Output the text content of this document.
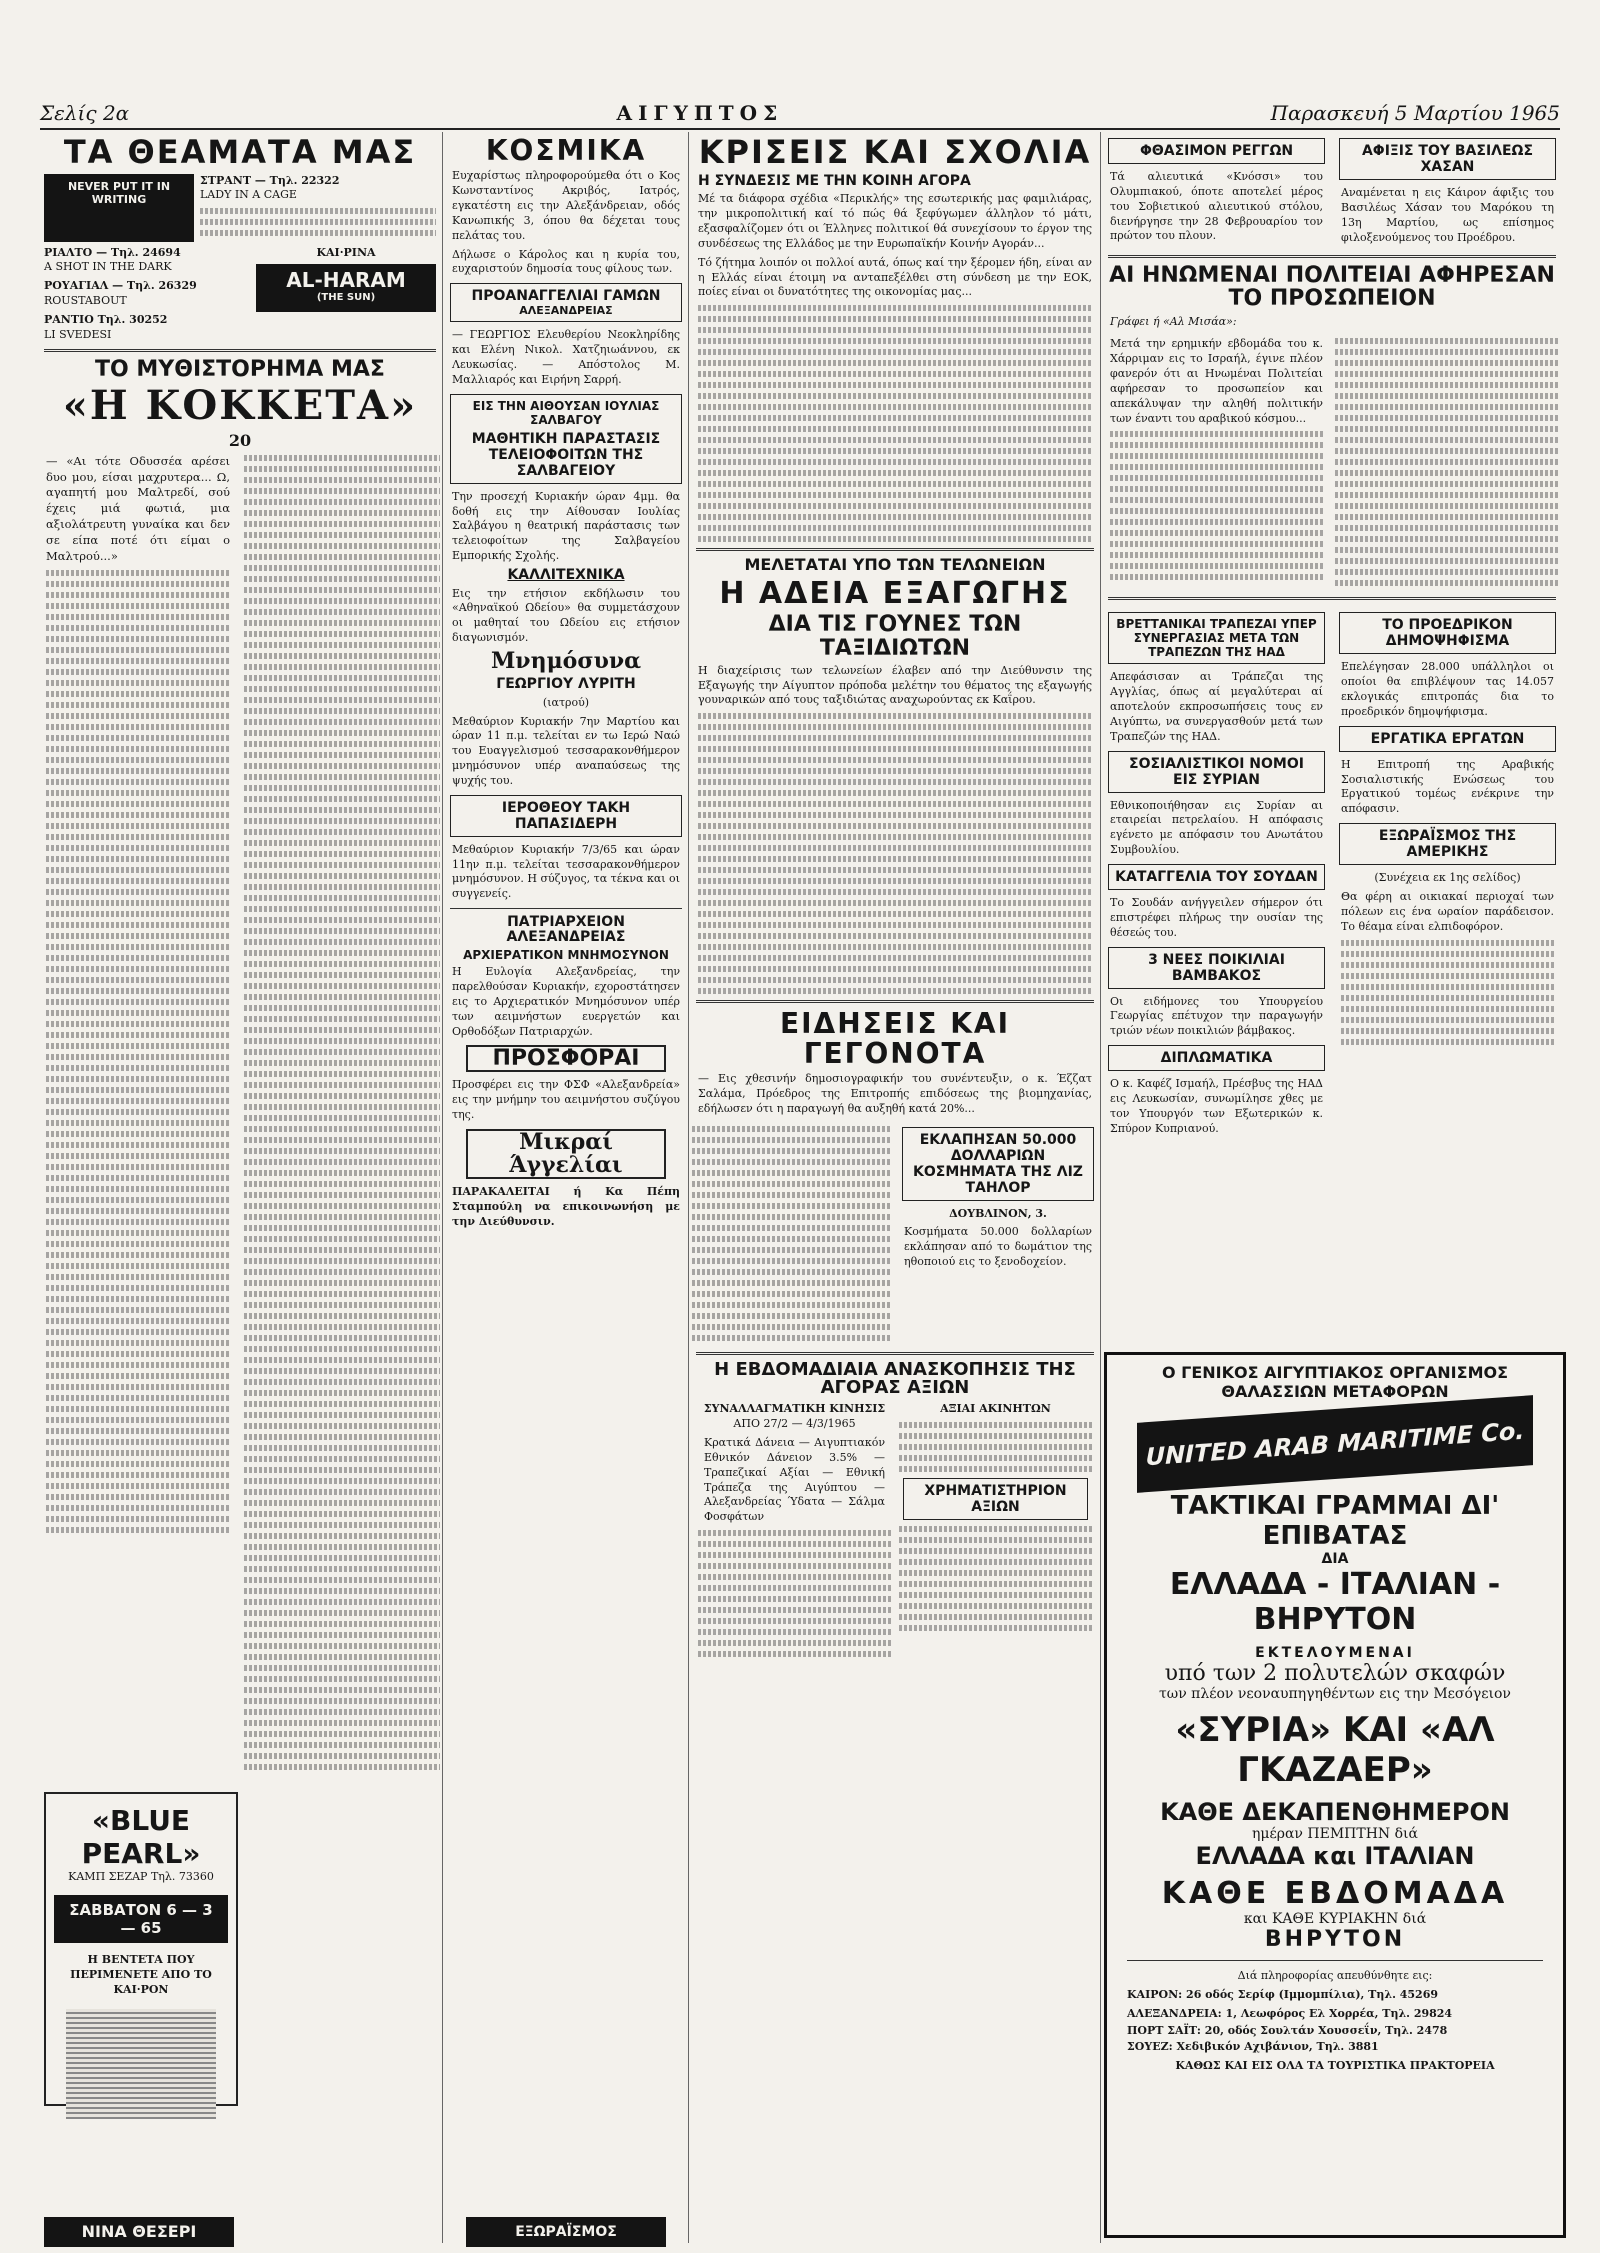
Σελίς 2α	ΑΙΓΥΠΤΟΣ	Παρασκευή 5 Μαρτίου 1965
ΤΑ ΘΕΑΜΑΤΑ ΜΑΣ
NEVER PUT IT IN WRITING
ΣΤΡΑΝΤ — Τηλ. 22322
LADY IN A CAGE
ΡΙΑΛΤΟ — Τηλ. 24694
A SHOT IN THE DARK
ΡΟΥΑΓΙΑΛ — Τηλ. 26329
ROUSTABOUT
ΡΑΝΤΙΟ Τηλ. 30252
LI SVEDESI
ΚΑΙ·ΡΙΝΑ
AL-HARAM
(THE SUN)
ΤΟ ΜΥΘΙΣΤΟΡΗΜΑ ΜΑΣ
«Η ΚΟΚΚΕΤΑ»
20
— «Αι τότε Οδυσσέα αρέσει δυο μου, είσαι μαχρυτερα... Ω, αγαπητή μου Μαλτρεδί, σού έχεις μιά φωτιά, μια αξιολάτρευτη γυναίκα και δεν σε είπα ποτέ ότι είμαι ο Μαλτρού...»
«BLUE PEARL»
ΚΑΜΠ ΣΕΖΑΡ Τηλ. 73360
ΣΑΒΒΑΤΟΝ 6 — 3 — 65
Η ΒΕΝΤΕΤΑ ΠΟΥ ΠΕΡΙΜΕΝΕΤΕ ΑΠΟ ΤΟ ΚΑΙ·ΡΟΝ
ΝΙΝΑ ΘΕΣΕΡΙ
ΚΟΣΜΙΚΑ
Ευχαρίστως πληροφορούμεθα ότι ο Κος Κωνσταντίνος Ακριβός, Ιατρός, εγκατέστη εις την Αλεξάνδρειαν, οδός Κανωπικής 3, όπου θα δέχεται τους πελάτας του.
Δήλωσε ο Κάρολος και η κυρία του, ευχαριστούν δημοσία τους φίλους των.
ΠΡΟΑΝΑΓΓΕΛΙΑΙ ΓΑΜΩΝ
ΑΛΕΞΑΝΔΡΕΙΑΣ
— ΓΕΩΡΓΙΟΣ Ελευθερίου Νεοκληρίδης και Ελένη Νικολ. Χατζηιωάννου, εκ Λευκωσίας. — Απόστολος Μ. Μαλλιαρός και Ειρήνη Σαρρή.
ΕΙΣ ΤΗΝ ΑΙΘΟΥΣΑΝ ΙΟΥΛΙΑΣ ΣΑΛΒΑΓΟΥ
ΜΑΘΗΤΙΚΗ ΠΑΡΑΣΤΑΣΙΣ ΤΕΛΕΙΟΦΟΙΤΩΝ ΤΗΣ ΣΑΛΒΑΓΕΙΟΥ
Την προσεχή Κυριακήν ώραν 4μμ. θα δοθή εις την Αίθουσαν Ιουλίας Σαλβάγου η θεατρική παράστασις των τελειοφοίτων της Σαλβαγείου Εμπορικής Σχολής.
ΚΑΛΛΙΤΕΧΝΙΚΑ
Εις την ετήσιον εκδήλωσιν του «Αθηναϊκού Ωδείου» θα συμμετάσχουν οι μαθηταί του Ωδείου εις ετήσιον διαγωνισμόν.
Μνημόσυνα
ΓΕΩΡΓΙΟΥ ΛΥΡΙΤΗ
(ιατρού)
Μεθαύριον Κυριακήν 7ην Μαρτίου και ώραν 11 π.μ. τελείται εν τω Ιερώ Ναώ του Ευαγγελισμού τεσσαρακονθήμερον μνημόσυνον υπέρ αναπαύσεως της ψυχής του.
ΙΕΡΟΘΕΟΥ ΤΑΚΗ ΠΑΠΑΣΙΔΕΡΗ
Μεθαύριον Κυριακήν 7/3/65 και ώραν 11ην π.μ. τελείται τεσσαρακονθήμερον μνημόσυνον. Η σύζυγος, τα τέκνα και οι συγγενείς.
ΠΑΤΡΙΑΡΧΕΙΟΝ ΑΛΕΞΑΝΔΡΕΙΑΣ
ΑΡΧΙΕΡΑΤΙΚΟΝ ΜΝΗΜΟΣΥΝΟΝ
Η Ευλογία Αλεξανδρείας, την παρελθούσαν Κυριακήν, εχοροστάτησεν εις το Αρχιερατικόν Μνημόσυνον υπέρ των αειμνήστων ευεργετών και Ορθοδόξων Πατριαρχών.
ΠΡΟΣΦΟΡΑΙ
Προσφέρει εις την ΦΣΦ «Αλεξανδρεία» εις την μνήμην του αειμνήστου συζύγου της.
Μικραί Άγγελίαι
ΠΑΡΑΚΑΛΕΙΤΑΙ ή Κα Πέπη Σταμπούλη να επικοινωνήση με την Διεύθυνσιν.
ΕΞΩΡΑΪΣΜΟΣ
ΚΡΙΣΕΙΣ ΚΑΙ ΣΧΟΛΙΑ
Η ΣΥΝΔΕΣΙΣ ΜΕ ΤΗΝ ΚΟΙΝΗ ΑΓΟΡΑ
Μέ τα διάφορα σχέδια «Περικλής» της εσωτερικής μας φαμιλιάρας, την μικροπολιτική καί τό πώς θά ξεφύγωμεν άλληλον τό μάτι, εξασφαλίζομεν ότι οι Έλληνες πολιτικοί θά συνεχίσουν το έργον της συνδέσεως της Ελλάδος με την Ευρωπαϊκήν Κοινήν Αγοράν...
Τό ζήτημα λοιπόν οι πολλοί αυτά, όπως καί την ξέρομεν ήδη, είναι αν η Ελλάς είναι έτοιμη να ανταπεξέλθει στη σύνδεση με την ΕΟΚ, ποίες είναι οι δυνατότητες της οικονομίας μας...
ΜΕΛΕΤΑΤΑΙ ΥΠΟ ΤΩΝ ΤΕΛΩΝΕΙΩΝ
Η ΑΔΕΙΑ ΕΞΑΓΩΓΗΣ
ΔΙΑ ΤΙΣ ΓΟΥΝΕΣ ΤΩΝ ΤΑΞΙΔΙΩΤΩΝ
Η διαχείρισις των τελωνείων έλαβεν από την Διεύθυνσιν της Εξαγωγής την Αίγυπτον πρόποδα μελέτην του θέματος της εξαγωγής γουναρικών από τους ταξιδιώτας αναχωρούντας εκ Καΐρου.
ΕΙΔΗΣΕΙΣ ΚΑΙ ΓΕΓΟΝΟΤΑ
— Εις χθεσινήν δημοσιογραφικήν του συνέντευξιν, ο κ. Έζζατ Σαλάμα, Πρόεδρος της Επιτροπής επιδόσεως της βιομηχανίας, εδήλωσεν ότι η παραγωγή θα αυξηθή κατά 20%...
ΕΚΛΑΠΗΣΑΝ 50.000 ΔΟΛΛΑΡΙΩΝ ΚΟΣΜΗΜΑΤΑ ΤΗΣ ΛΙΖ ΤΑΗΛΟΡ
ΔΟΥΒΛΙΝΟΝ, 3.
Κοσμήματα 50.000 δολλαρίων εκλάπησαν από το δωμάτιον της ηθοποιού εις το ξενοδοχείον.
Η ΕΒΔΟΜΑΔΙΑΙΑ ΑΝΑΣΚΟΠΗΣΙΣ ΤΗΣ ΑΓΟΡΑΣ ΑΞΙΩΝ
ΣΥΝΑΛΛΑΓΜΑΤΙΚΗ ΚΙΝΗΣΙΣ
ΑΠΟ 27/2 — 4/3/1965
Κρατικά Δάνεια — Αιγυπτιακόν Εθνικόν Δάνειον 3.5% — Τραπεζικαί Αξίαι — Εθνική Τράπεζα της Αιγύπτου — Αλεξανδρείας Ύδατα — Σάλμα Φοσφάτων
ΑΞΙΑΙ ΑΚΙΝΗΤΩΝ
ΧΡΗΜΑΤΙΣΤΗΡΙΟΝ ΑΞΙΩΝ
ΦΘΑΣΙΜΟΝ ΡΕΓΓΩΝ
Τά αλιευτικά «Κνόσσι» του Ολυμπιακού, όποτε αποτελεί μέρος του Σοβιετικού αλιευτικού στόλου, διενήργησε την 28 Φεβρουαρίου τον πρώτον του πλουν.
ΑΦΙΞΙΣ ΤΟΥ ΒΑΣΙΛΕΩΣ ΧΑΣΑΝ
Αναμένεται η εις Κάιρον άφιξις του Βασιλέως Χάσαν του Μαρόκου τη 13η Μαρτίου, ως επίσημος φιλοξενούμενος του Προέδρου.
ΑΙ ΗΝΩΜΕΝΑΙ ΠΟΛΙΤΕΙΑΙ ΑΦΗΡΕΣΑΝ ΤΟ ΠΡΟΣΩΠΕΙΟΝ
Γράφει ή «Αλ Μισάα»:
Μετά την ερημικήν εβδομάδα του κ. Χάρριμαν εις το Ισραήλ, έγινε πλέον φανερόν ότι αι Ηνωμέναι Πολιτείαι αφήρεσαν το προσωπείον και απεκάλυψαν την αληθή πολιτικήν των έναντι του αραβικού κόσμου...
ΒΡΕΤΤΑΝΙΚΑΙ ΤΡΑΠΕΖΑΙ ΥΠΕΡ ΣΥΝΕΡΓΑΣΙΑΣ ΜΕΤΑ ΤΩΝ ΤΡΑΠΕΖΩΝ ΤΗΣ ΗΑΔ
Απεφάσισαν αι Τράπεζαι της Αγγλίας, όπως αί μεγαλύτεραι αί αποτελούν εκπροσωπήσεις τους εν Αιγύπτω, να συνεργασθούν μετά των Τραπεζών της ΗΑΔ.
ΣΟΣΙΑΛΙΣΤΙΚΟΙ ΝΟΜΟΙ ΕΙΣ ΣΥΡΙΑΝ
Εθνικοποιήθησαν εις Συρίαν αι εταιρείαι πετρελαίου. Η απόφασις εγένετο με απόφασιν του Ανωτάτου Συμβουλίου.
ΚΑΤΑΓΓΕΛΙΑ ΤΟΥ ΣΟΥΔΑΝ
Το Σουδάν ανήγγειλεν σήμερον ότι επιστρέφει πλήρως την ουσίαν της θέσεώς του.
3 ΝΕΕΣ ΠΟΙΚΙΛΙΑΙ ΒΑΜΒΑΚΟΣ
Οι ειδήμονες του Υπουργείου Γεωργίας επέτυχον την παραγωγήν τριών νέων ποικιλιών βάμβακος.
ΔΙΠΛΩΜΑΤΙΚΑ
Ο κ. Καφέζ Ισμαήλ, Πρέσβυς της ΗΑΔ εις Λευκωσίαν, συνωμίλησε χθες με τον Υπουργόν των Εξωτερικών κ. Σπύρον Κυπριανού.
ΤΟ ΠΡΟΕΔΡΙΚΟΝ ΔΗΜΟΨΗΦΙΣΜΑ
Επελέγησαν 28.000 υπάλληλοι οι οποίοι θα επιβλέψουν τας 14.057 εκλογικάς επιτροπάς δια το προεδρικόν δημοψήφισμα.
ΕΡΓΑΤΙΚΑ ΕΡΓΑΤΩΝ
Η Επιτροπή της Αραβικής Σοσιαλιστικής Ενώσεως του Εργατικού τομέως ενέκρινε την απόφασιν.
ΕΞΩΡΑΪΣΜΟΣ ΤΗΣ ΑΜΕΡΙΚΗΣ
(Συνέχεια εκ 1ης σελίδος)
Θα φέρη αι οικιακαί περιοχαί των πόλεων εις ένα ωραίον παράδεισον. Το θέαμα είναι ελπιδοφόρον.
Ο ΓΕΝΙΚΟΣ ΑΙΓΥΠΤΙΑΚΟΣ ΟΡΓΑΝΙΣΜΟΣ ΘΑΛΑΣΣΙΩΝ ΜΕΤΑΦΟΡΩΝ
UNITED ARAB MARITIME Co.
ΤΑΚΤΙΚΑΙ ΓΡΑΜΜΑΙ ΔΙ' ΕΠΙΒΑΤΑΣ
ΔΙΑ
ΕΛΛΑΔΑ - ΙΤΑΛΙΑΝ - ΒΗΡΥΤΟΝ
ΕΚΤΕΛΟΥΜΕΝΑΙ
υπό των 2 πολυτελών σκαφών
των πλέον νεοναυπηγηθέντων εις την Μεσόγειον
«ΣΥΡΙΑ» ΚΑΙ «ΑΛ ΓΚΑΖΑΕΡ»
ΚΑΘΕ ΔΕΚΑΠΕΝΘΗΜΕΡΟΝ
ημέραν ΠΕΜΠΤΗΝ διά
ΕΛΛΑΔΑ και ΙΤΑΛΙΑΝ
ΚΑΘΕ ΕΒΔΟΜΑΔΑ
και ΚΑΘΕ ΚΥΡΙΑΚΗΝ διά
ΒΗΡΥΤΟΝ
Διά πληροφορίας απευθύνθητε εις:
ΚΑΙΡΟΝ: 26 οδός Σερίφ (Ιμμομπίλια), Τηλ. 45269
ΑΛΕΞΑΝΔΡΕΙΑ: 1, Λεωφόρος Ελ Χορρέα, Τηλ. 29824
ΠΟΡΤ ΣΑΪΤ: 20, οδός Σουλτάν Χουσσεΐν, Τηλ. 2478
ΣΟΥΕΖ: Χεδιβικόν Αχιβάνιον, Τηλ. 3881
ΚΑΘΩΣ ΚΑΙ ΕΙΣ ΟΛΑ ΤΑ ΤΟΥΡΙΣΤΙΚΑ ΠΡΑΚΤΟΡΕΙΑ
